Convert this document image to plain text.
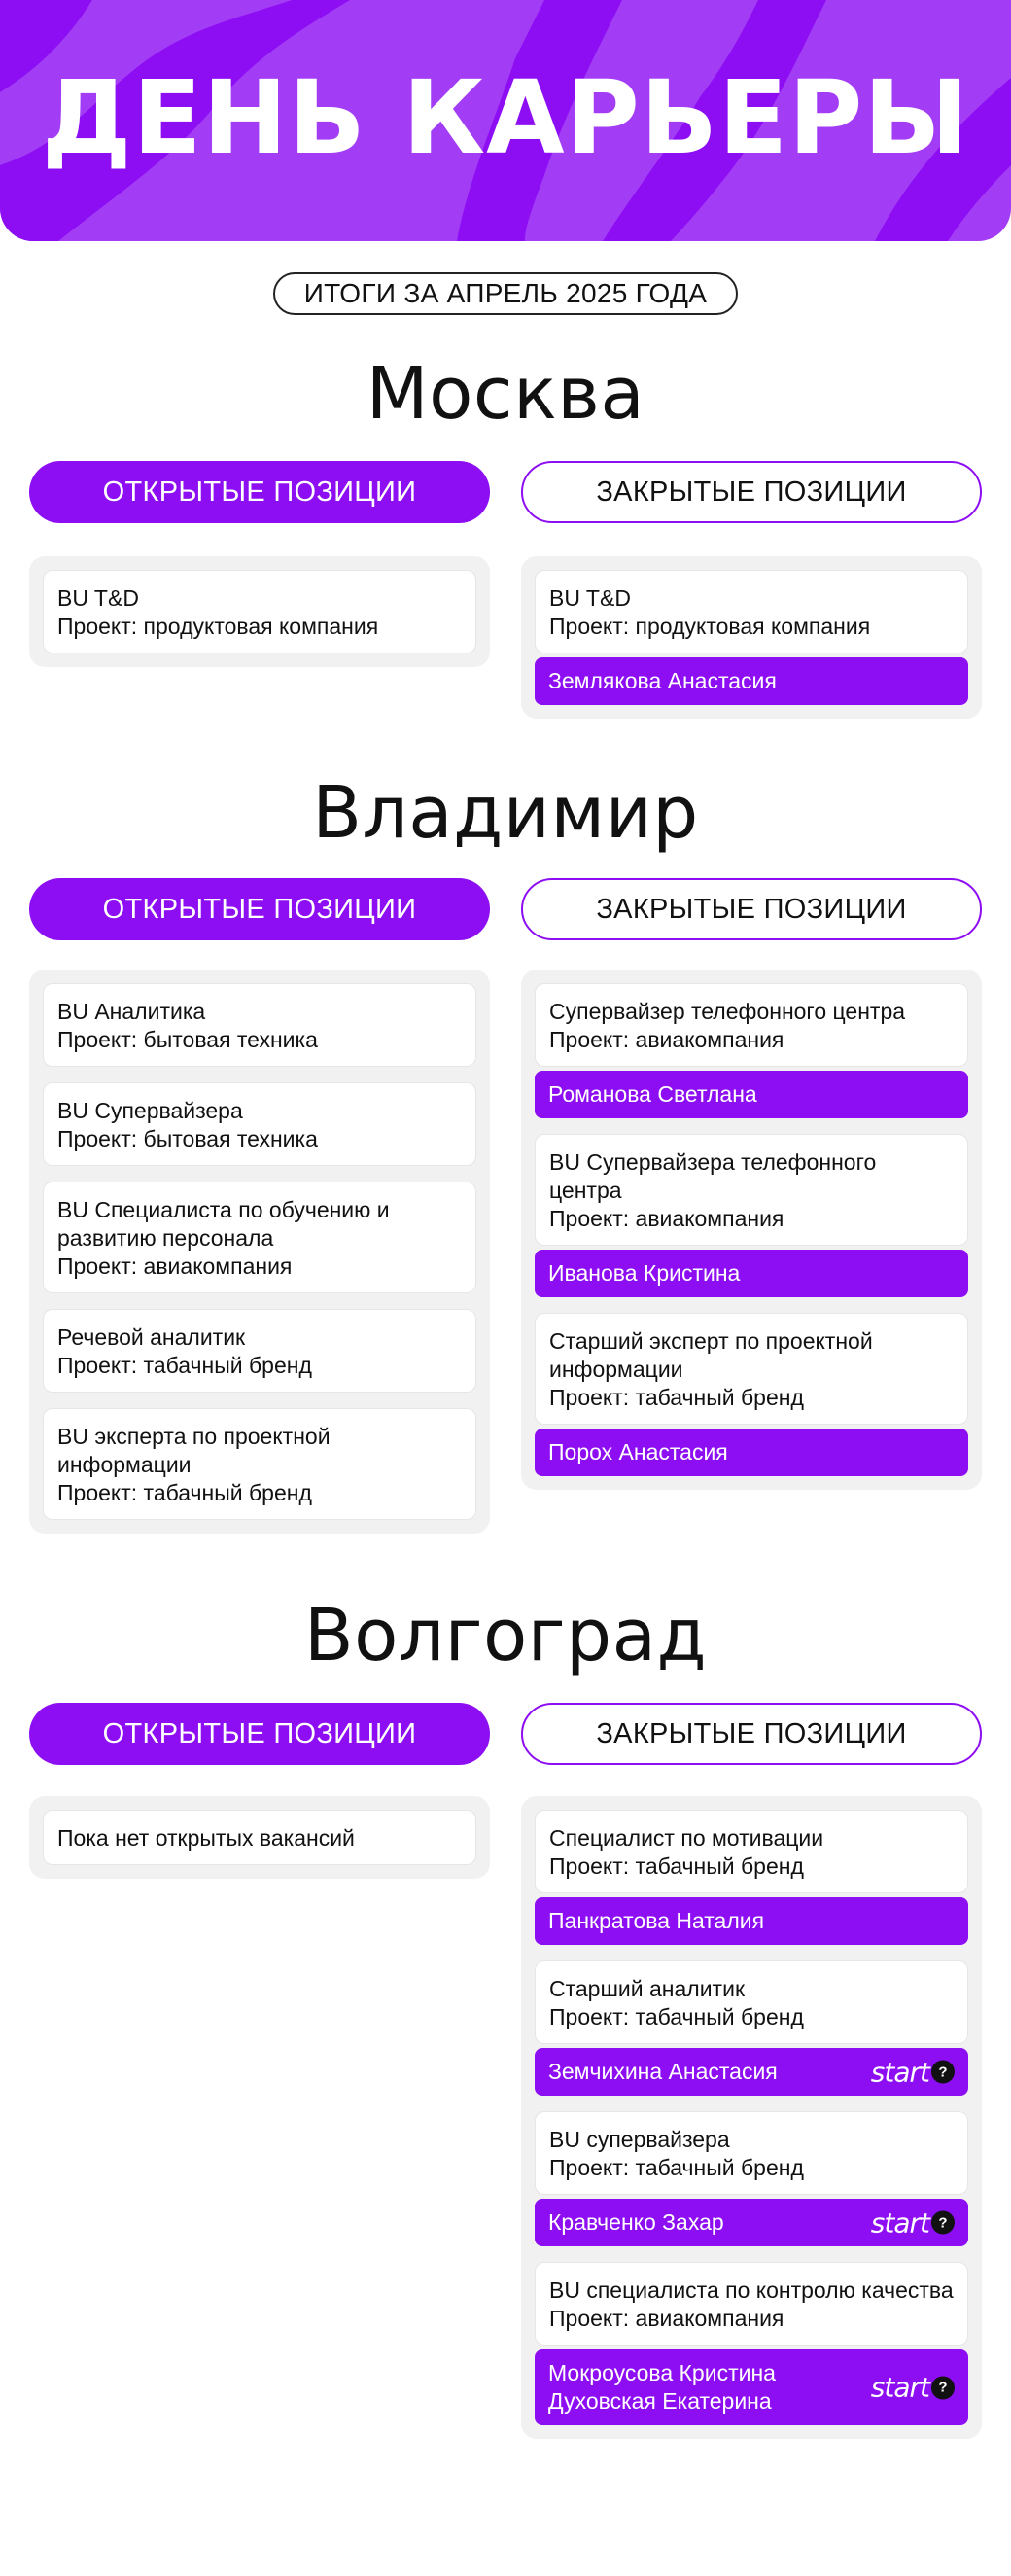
ДЕНЬ КАРЬЕРЫ
ИТОГИ ЗА АПРЕЛЬ 2025 ГОДА
Москва
ОТКРЫТЫЕ ПОЗИЦИИ	ЗАКРЫТЫЕ ПОЗИЦИИ
BU T&D
Проект: продуктовая компания
BU T&D
Проект: продуктовая компания
Землякова Анастасия
Владимир
ОТКРЫТЫЕ ПОЗИЦИИ	ЗАКРЫТЫЕ ПОЗИЦИИ
BU Аналитика
Проект: бытовая техника
BU Супервайзера
Проект: бытовая техника
BU Специалиста по обучению и развитию персонала
Проект: авиакомпания
Речевой аналитик
Проект: табачный бренд
BU эксперта по проектной информации
Проект: табачный бренд
Супервайзер телефонного центра
Проект: авиакомпания
Романова Светлана
BU Супервайзера телефонного центра
Проект: авиакомпания
Иванова Кристина
Старший эксперт по проектной информации
Проект: табачный бренд
Порох Анастасия
Волгоград
ОТКРЫТЫЕ ПОЗИЦИИ	ЗАКРЫТЫЕ ПОЗИЦИИ
Пока нет открытых вакансий	Специалист по мотивации
Проект: табачный бренд
Панкратова Наталия
Старший аналитик
Проект: табачный бренд
Земчихина Анастасия	start ?
BU супервайзера
Проект: табачный бренд
Кравченко Захар	start ?
BU специалиста по контролю качества
Проект: авиакомпания
Мокроусова Кристина
Духовская Екатерина	start ?
